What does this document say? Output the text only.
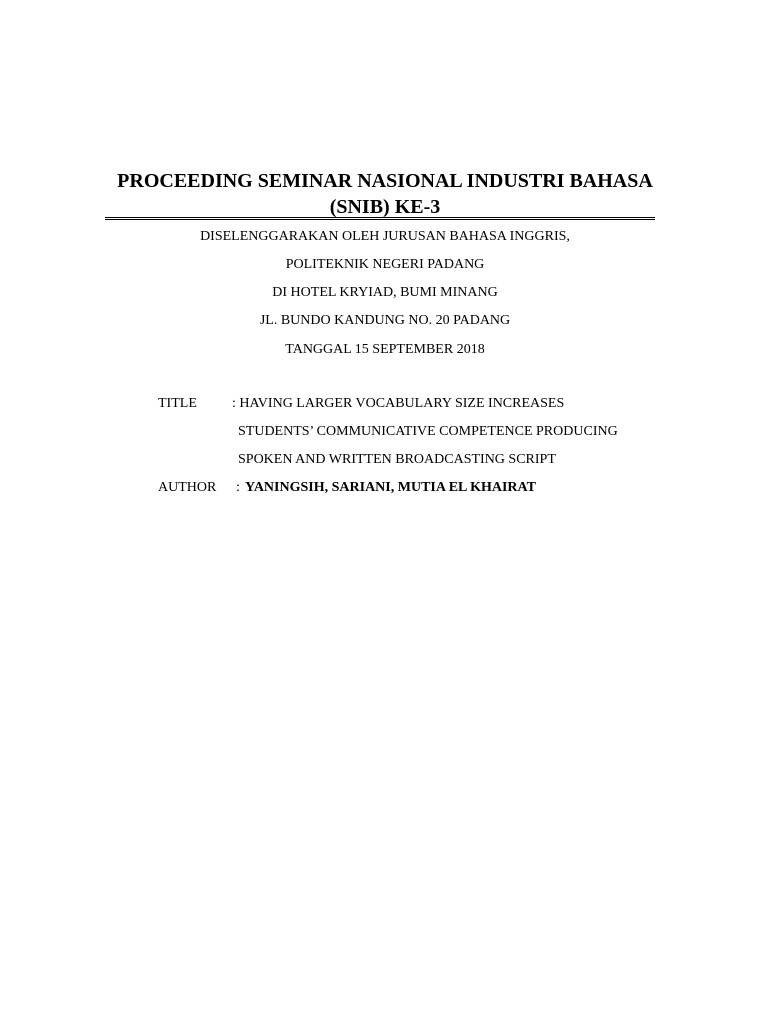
PROCEEDING SEMINAR NASIONAL INDUSTRI BAHASA
(SNIB) KE-3
DISELENGGARAKAN OLEH JURUSAN BAHASA INGGRIS,
POLITEKNIK NEGERI PADANG
DI HOTEL KRYIAD, BUMI MINANG
JL. BUNDO KANDUNG NO. 20 PADANG
TANGGAL 15 SEPTEMBER 2018
TITLE	: HAVING LARGER VOCABULARY SIZE INCREASES
STUDENTS’ COMMUNICATIVE COMPETENCE PRODUCING
SPOKEN AND WRITTEN BROADCASTING SCRIPT
AUTHOR : YANINGSIH, SARIANI, MUTIA EL KHAIRAT
